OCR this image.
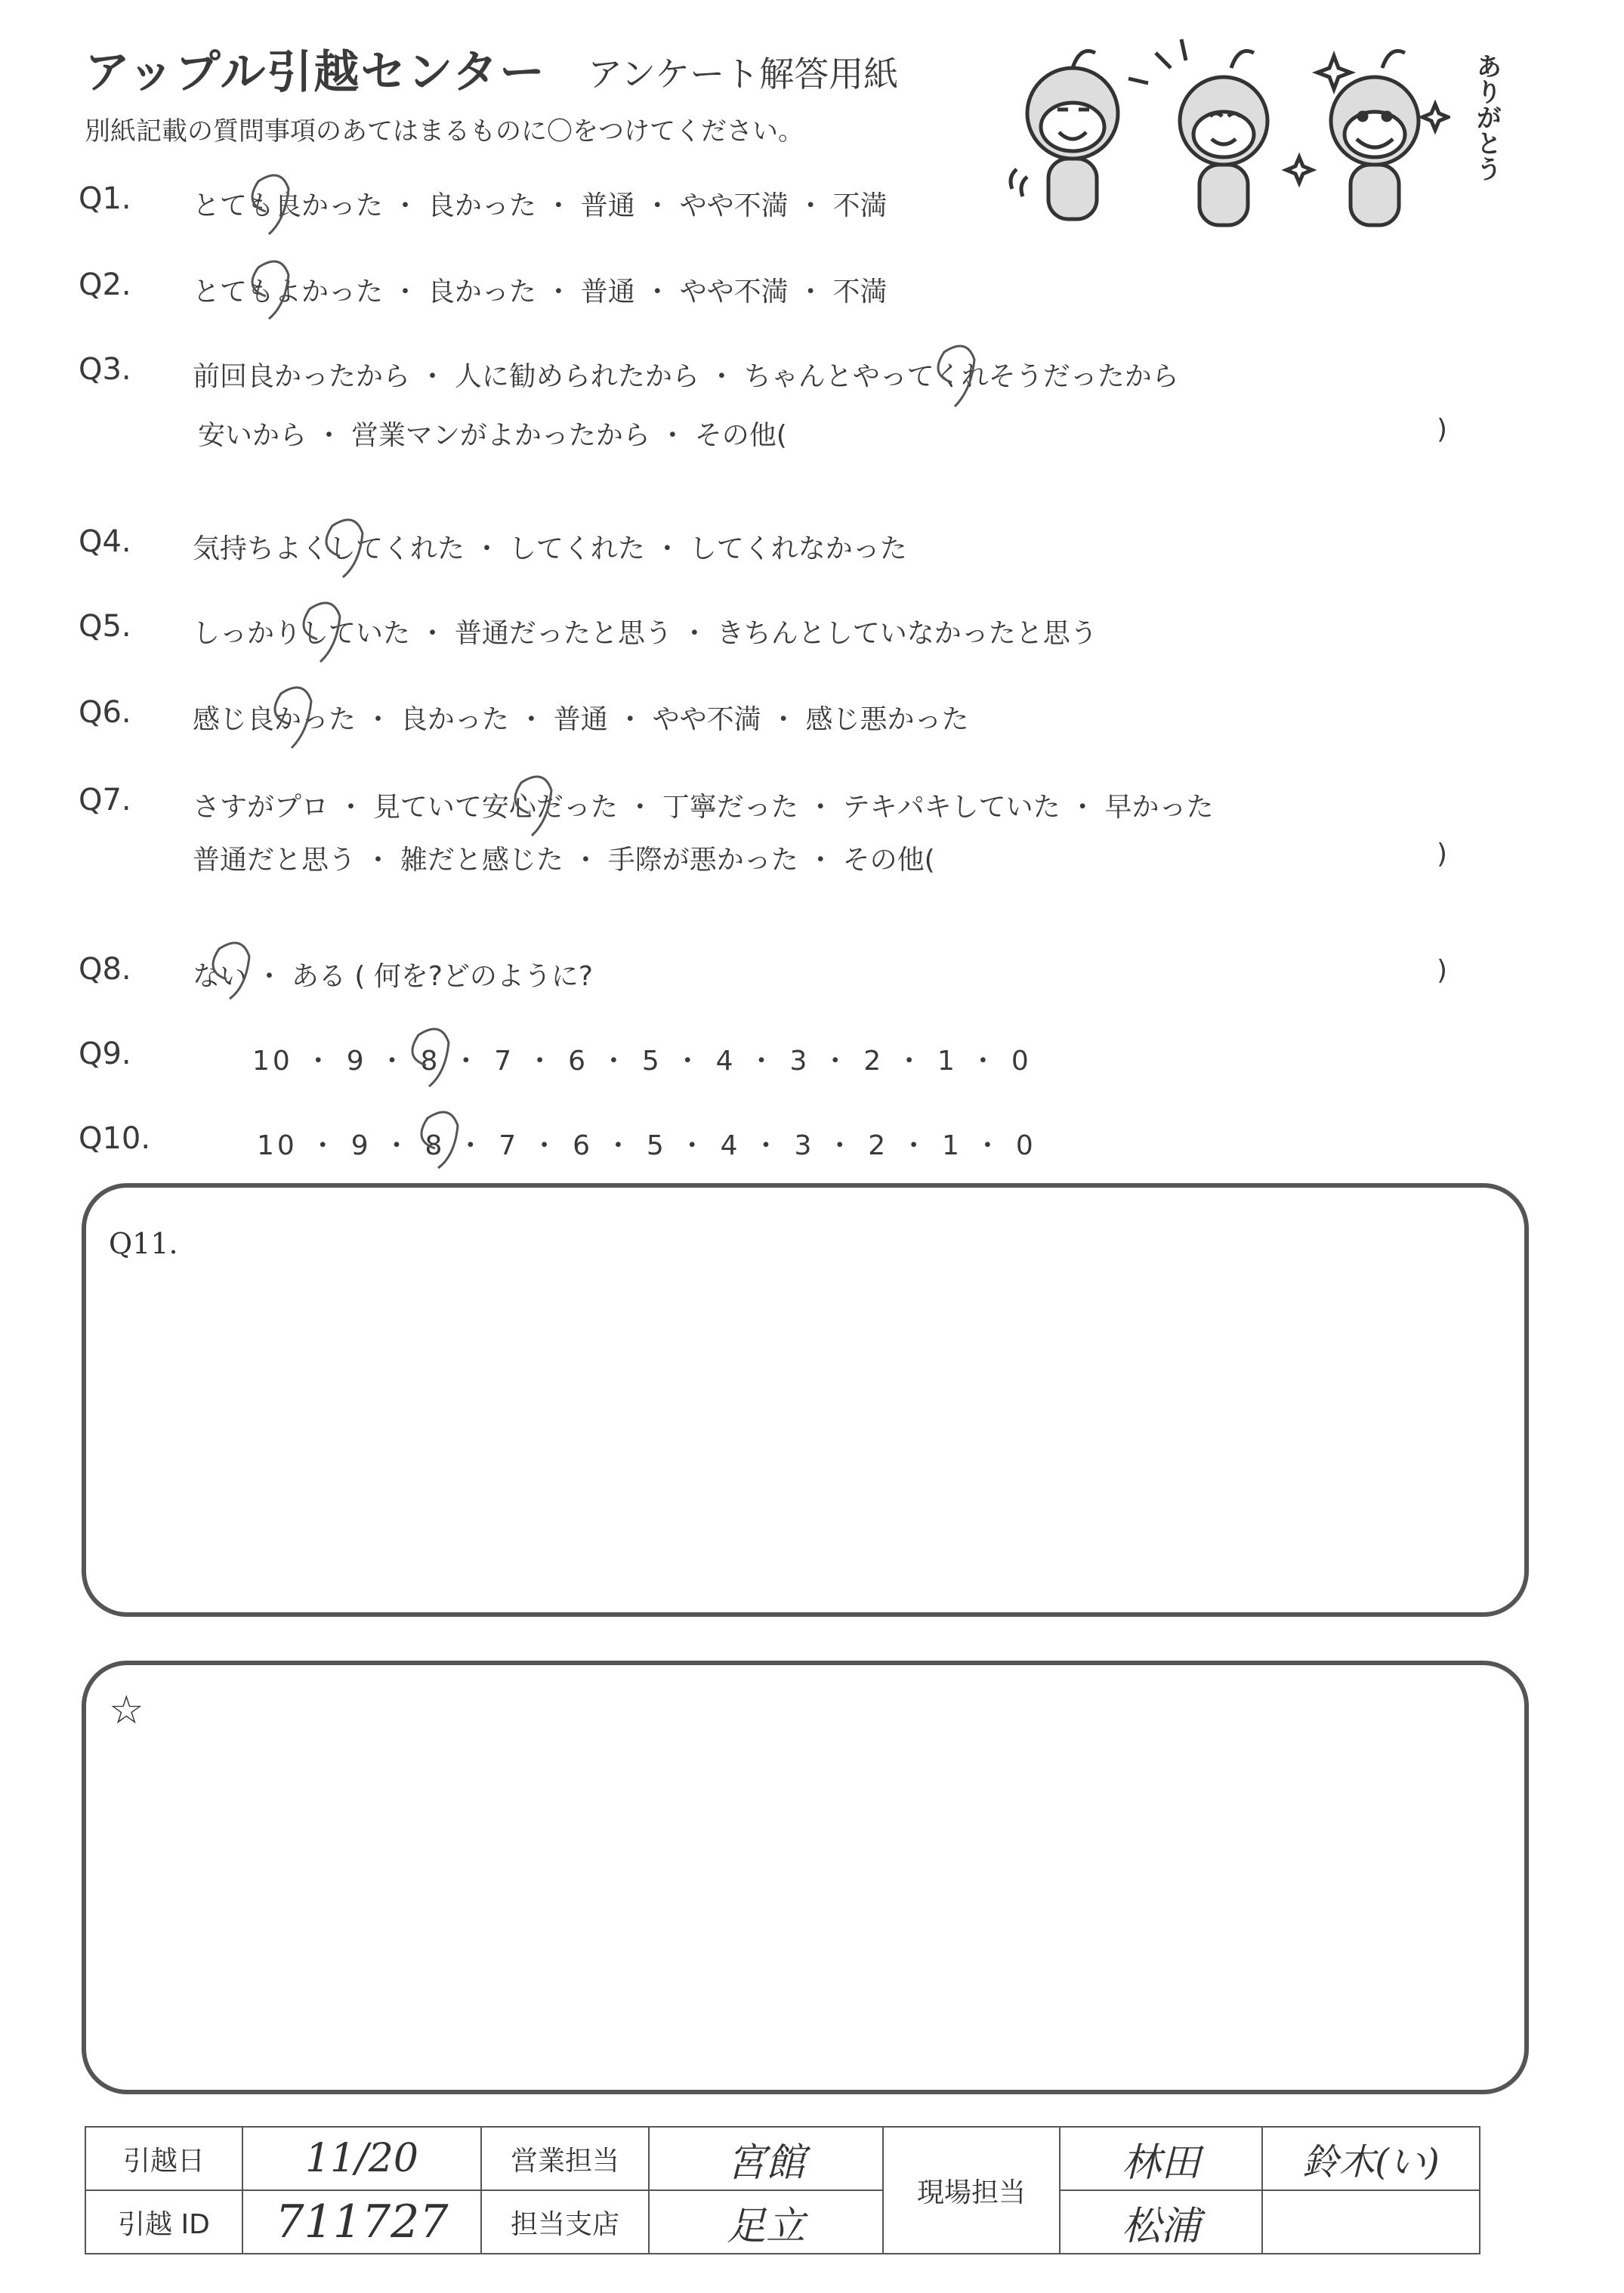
アップル引越センター アンケート解答用紙
別紙記載の質問事項のあてはまるものに〇をつけてください。	ありがとう
Q1. とても良かった ・ 良かった ・ 普通 ・ やや不満 ・ 不満
Q2. とてもよかった ・ 良かった ・ 普通 ・ やや不満 ・ 不満
Q3. 前回良かったから ・ 人に勧められたから ・ ちゃんとやってくれそうだったから
安いから ・ 営業マンがよかったから ・ その他(	)
Q4. 気持ちよくしてくれた ・ してくれた ・ してくれなかった
Q5. しっかりしていた ・ 普通だったと思う ・ きちんとしていなかったと思う
Q6. 感じ良かった ・ 良かった ・ 普通 ・ やや不満 ・ 感じ悪かった
Q7. さすがプロ ・ 見ていて安心だった ・ 丁寧だった ・ テキパキしていた ・ 早かった
普通だと思う ・ 雑だと感じた ・ 手際が悪かった ・ その他(	)
Q8. ない ・ ある ( 何を?どのように?	)
Q9.	10 ・ 9 ・ 8 ・ 7 ・ 6 ・ 5 ・ 4 ・ 3 ・ 2 ・ 1 ・ 0
Q10.	10 ・ 9 ・ 8 ・ 7 ・ 6 ・ 5 ・ 4 ・ 3 ・ 2 ・ 1 ・ 0
Q11.
☆
引越日	11/20	営業担当	宮館	現場担当	林田	鈴木(い)
引越 ID	711727	担当支店	足立		松浦	
